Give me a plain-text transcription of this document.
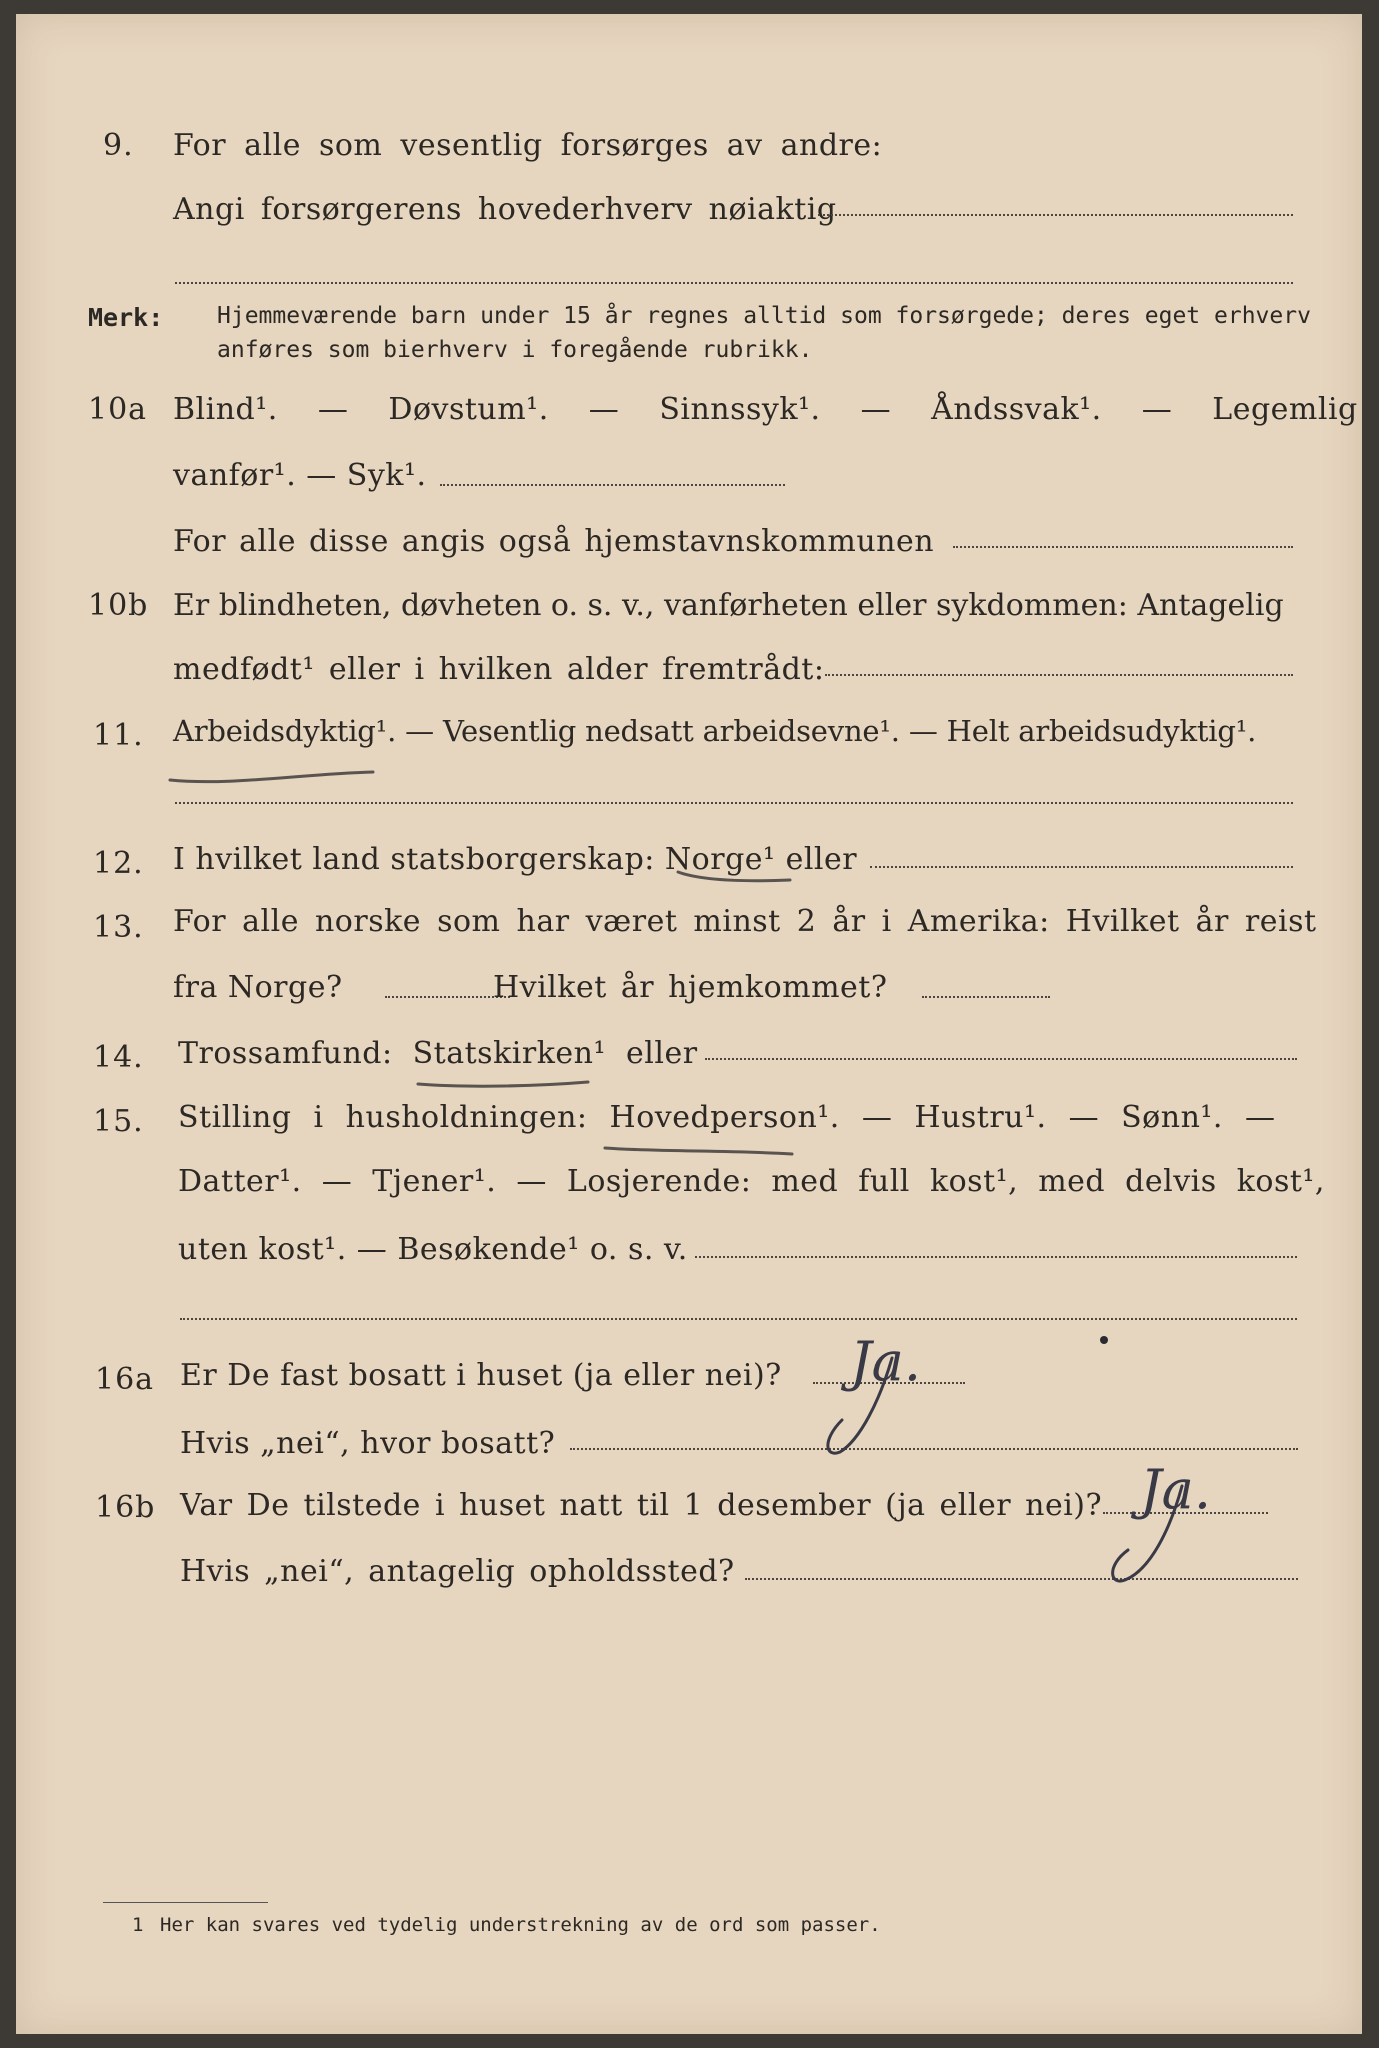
9. For alle som vesentlig forsørges av andre:
Angi forsørgerens hovederhverv nøiaktig
Merk: Hjemmeværende barn under 15 år regnes alltid som forsørgede; deres eget erhverv
anføres som bierhverv i foregående rubrikk.
10a Blind¹. — Døvstum¹. — Sinnssyk¹. — Åndssvak¹. — Legemlig
vanfør¹. — Syk¹.
For alle disse angis også hjemstavnskommunen
10b Er blindheten, døvheten o. s. v., vanførheten eller sykdommen: Antagelig
medfødt¹ eller i hvilken alder fremtrådt:
11. Arbeidsdyktig¹. — Vesentlig nedsatt arbeidsevne¹. — Helt arbeidsudyktig¹.
12. I hvilket land statsborgerskap: Norge¹ eller
13. For alle norske som har været minst 2 år i Amerika: Hvilket år reist
fra Norge?	Hvilket år hjemkommet?
14. Trossamfund: Statskirken¹ eller
15. Stilling i husholdningen: Hovedperson¹. — Hustru¹. — Sønn¹. —
Datter¹. — Tjener¹. — Losjerende: med full kost¹, med delvis kost¹,
uten kost¹. — Besøkende¹ o. s. v.
16a Er De fast bosatt i huset (ja eller nei)? Ja.
Hvis „nei“, hvor bosatt?
16b Var De tilstede i huset natt til 1 desember (ja eller nei)? Ja.
Hvis „nei“, antagelig opholdssted?
1 Her kan svares ved tydelig understrekning av de ord som passer.
